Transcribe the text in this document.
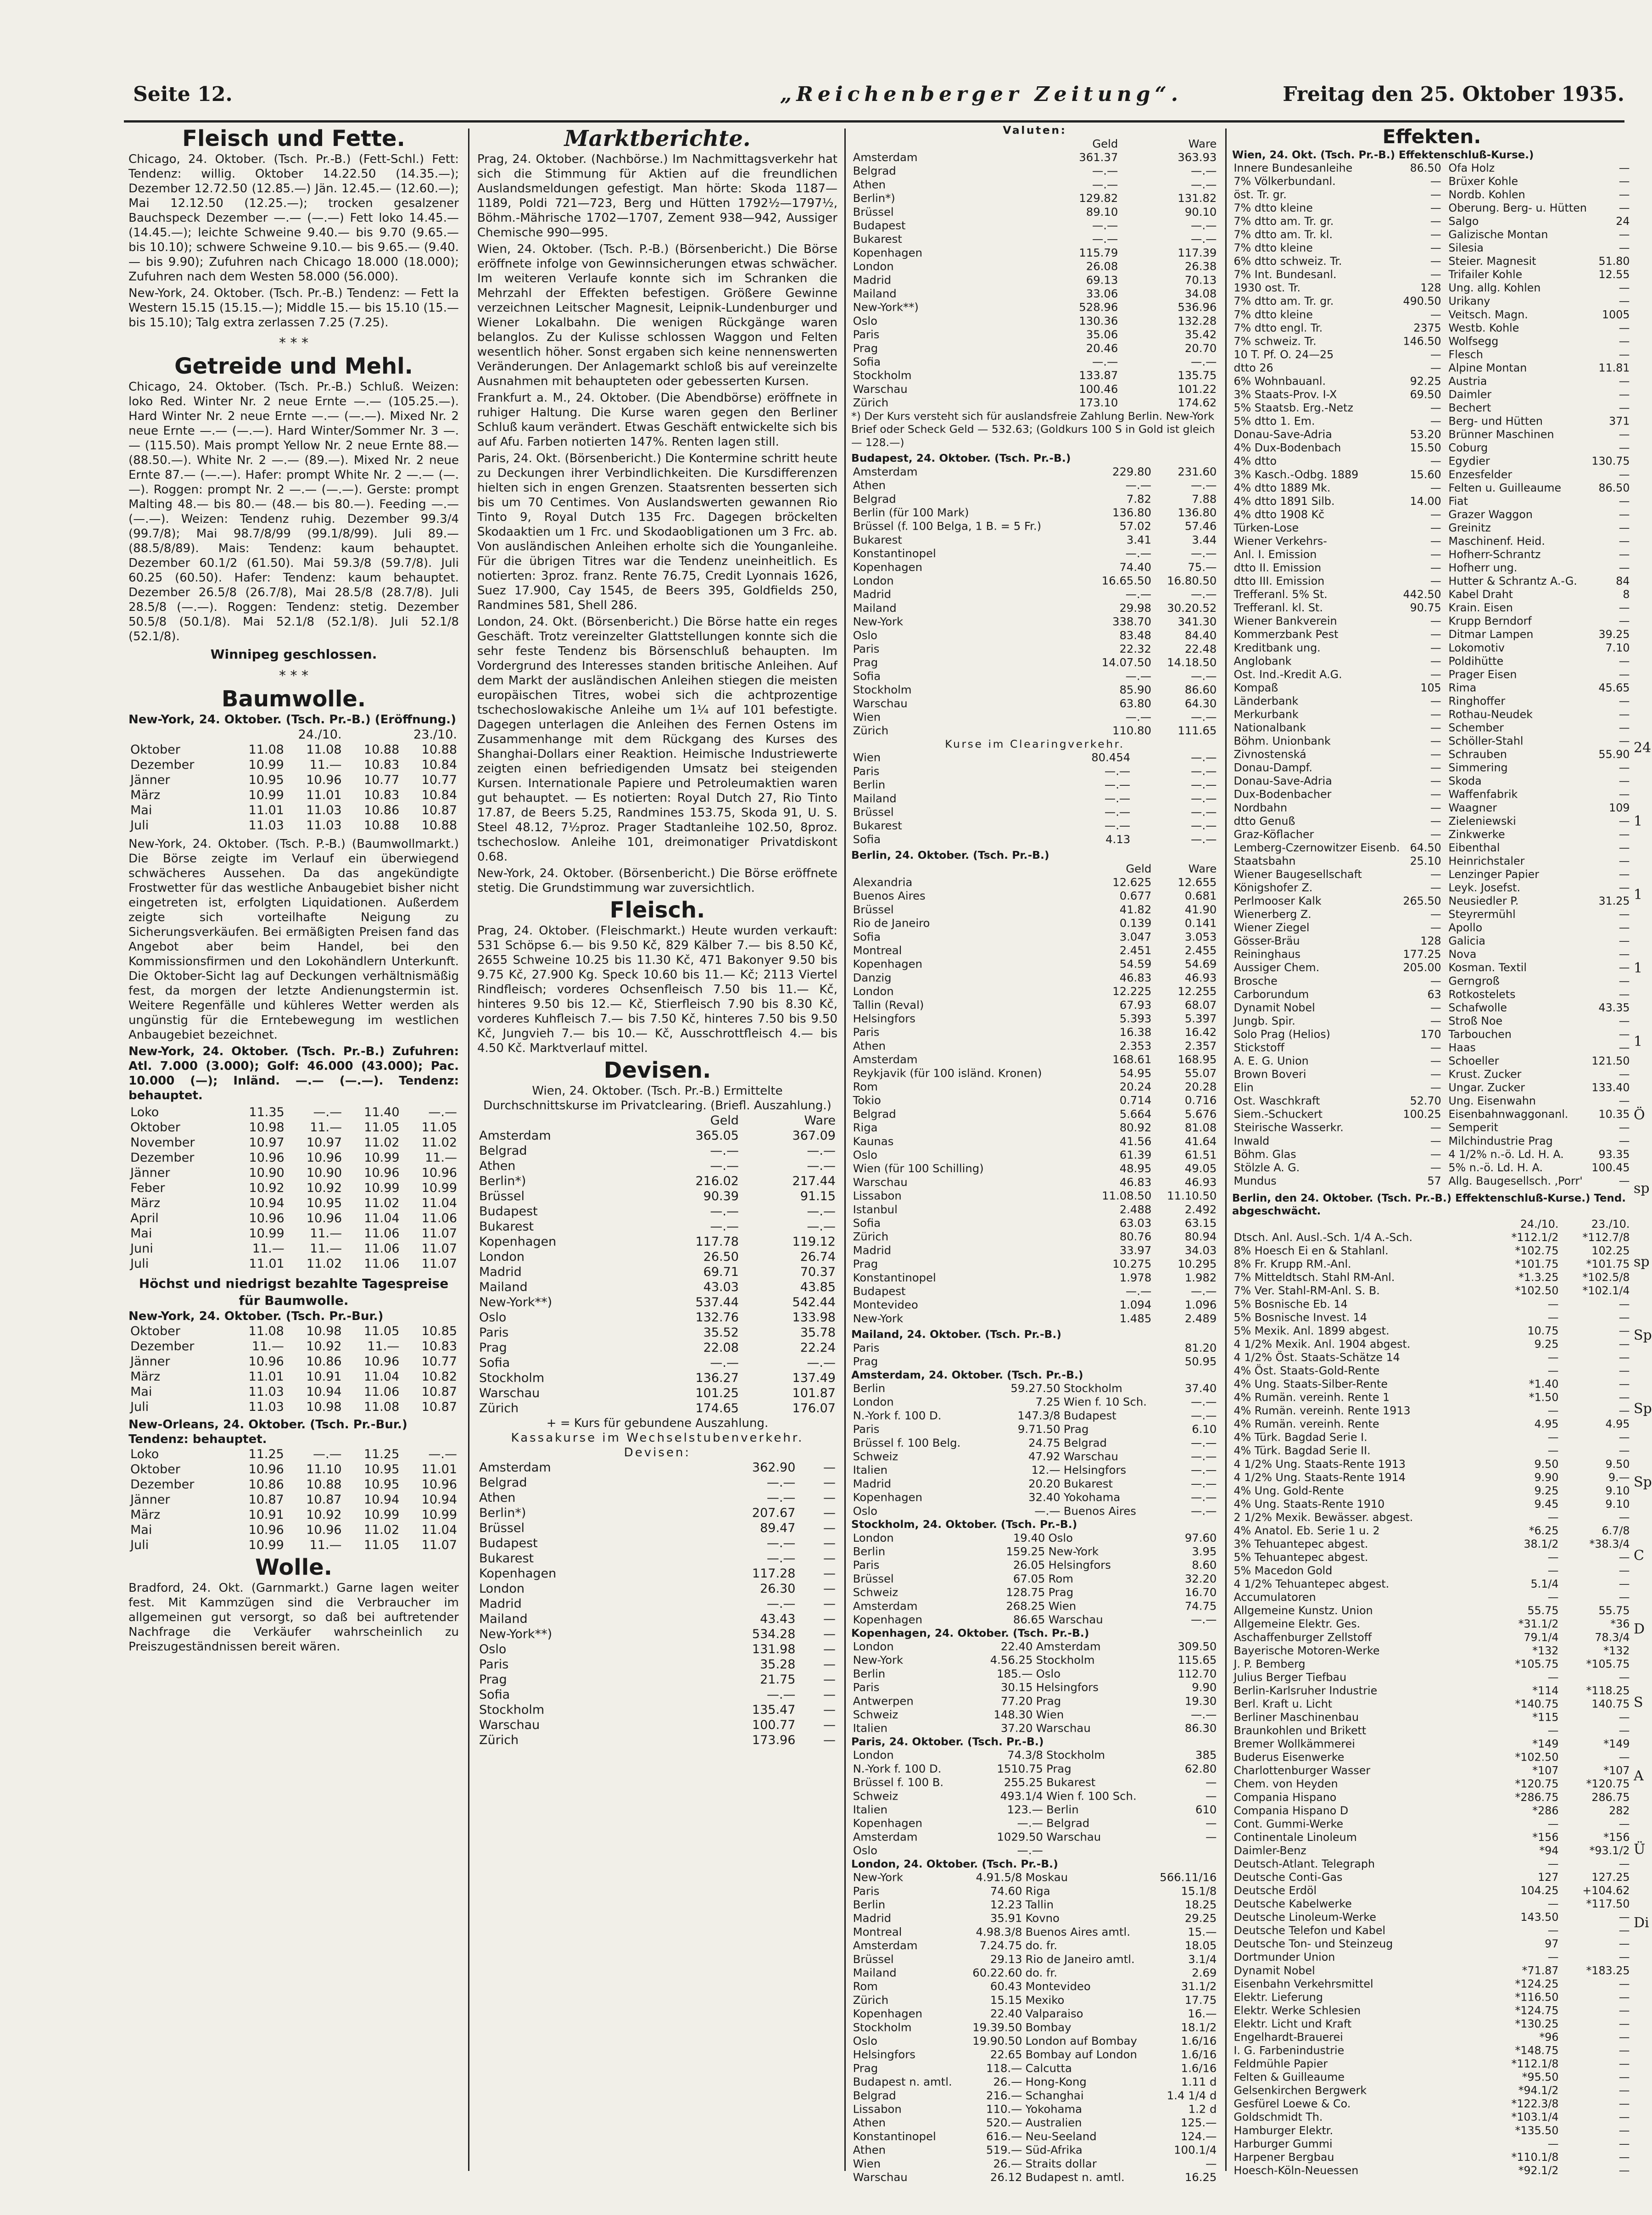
Seite 12.	„Reichenberger Zeitung“.	Freitag den 25. Oktober 1935.
Fleisch und Fette.

Chicago, 24. Oktober. (Tsch. Pr.-B.) (Fett-Schl.) Fett: Tendenz: willig. Oktober 14.22.50 (14.35.—); Dezember 12.72.50 (12.85.—) Jän. 12.45.— (12.60.—); Mai 12.12.50 (12.25.—); trocken gesalzener Bauchspeck Dezember —.— (—.—) Fett loko 14.45.— (14.45.—); leichte Schweine 9.40.— bis 9.70 (9.65.— bis 10.10); schwere Schweine 9.10.— bis 9.65.— (9.40.— bis 9.90); Zufuhren nach Chicago 18.000 (18.000); Zufuhren nach dem Westen 58.000 (56.000).

New-York, 24. Oktober. (Tsch. Pr.-B.) Tendenz: — Fett Ia Western 15.15 (15.15.—); Middle 15.— bis 15.10 (15.— bis 15.10); Talg extra zerlassen 7.25 (7.25).

* * *
Getreide und Mehl.

Chicago, 24. Oktober. (Tsch. Pr.-B.) Schluß. Weizen: loko Red. Winter Nr. 2 neue Ernte —.— (105.25.—). Hard Winter Nr. 2 neue Ernte —.— (—.—). Mixed Nr. 2 neue Ernte —.— (—.—). Hard Winter/Sommer Nr. 3 —.— (115.50). Mais prompt Yellow Nr. 2 neue Ernte 88.— (88.50.—). White Nr. 2 —.— (89.—). Mixed Nr. 2 neue Ernte 87.— (—.—). Hafer: prompt White Nr. 2 —.— (—.—). Roggen: prompt Nr. 2 —.— (—.—). Gerste: prompt Malting 48.— bis 80.— (48.— bis 80.—). Feeding —.— (—.—). Weizen: Tendenz ruhig. Dezember 99.3/4 (99.7/8); Mai 98.7/8/99 (99.1/8/99). Juli 89.— (88.5/8/89). Mais: Tendenz: kaum behauptet. Dezember 60.1/2 (61.50). Mai 59.3/8 (59.7/8). Juli 60.25 (60.50). Hafer: Tendenz: kaum behauptet. Dezember 26.5/8 (26.7/8), Mai 28.5/8 (28.7/8). Juli 28.5/8 (—.—). Roggen: Tendenz: stetig. Dezember 50.5/8 (50.1/8). Mai 52.1/8 (52.1/8). Juli 52.1/8 (52.1/8).

Winnipeg geschlossen.
* * *
Baumwolle.
New-York, 24. Oktober. (Tsch. Pr.-B.) (Eröffnung.)
	24./10.		23./10.	
Oktober	11.08	11.08	10.88	10.88
Dezember	10.99	11.—	10.83	10.84
Jänner	10.95	10.96	10.77	10.77
März	10.99	11.01	10.83	10.84
Mai	11.01	11.03	10.86	10.87
Juli	11.03	11.03	10.88	10.88

New-York, 24. Oktober. (Tsch. P.-B.) (Baumwollmarkt.) Die Börse zeigte im Verlauf ein überwiegend schwächeres Aussehen. Da das angekündigte Frostwetter für das westliche Anbaugebiet bisher nicht eingetreten ist, erfolgten Liquidationen. Außerdem zeigte sich vorteilhafte Neigung zu Sicherungsverkäufen. Bei ermäßigten Preisen fand das Angebot aber beim Handel, bei den Kommissionsfirmen und den Lokohändlern Unterkunft. Die Oktober-Sicht lag auf Deckungen verhältnismäßig fest, da morgen der letzte Andienungstermin ist. Weitere Regenfälle und kühleres Wetter werden als ungünstig für die Erntebewegung im westlichen Anbaugebiet bezeichnet.

New-York, 24. Oktober. (Tsch. Pr.-B.) Zufuhren: Atl. 7.000 (3.000); Golf: 46.000 (43.000); Pac. 10.000 (—); Inländ. —.— (—.—). Tendenz: behauptet.

Loko	11.35	—.—	11.40	—.—
Oktober	10.98	11.—	11.05	11.05
November	10.97	10.97	11.02	11.02
Dezember	10.96	10.96	10.99	11.—
Jänner	10.90	10.90	10.96	10.96
Feber	10.92	10.92	10.99	10.99
März	10.94	10.95	11.02	11.04
April	10.96	10.96	11.04	11.06
Mai	10.99	11.—	11.06	11.07
Juni	11.—	11.—	11.06	11.07
Juli	11.01	11.02	11.06	11.07
Höchst und niedrigst bezahlte Tagespreise für Baumwolle.
New-York, 24. Oktober. (Tsch. Pr.-Bur.)
Oktober	11.08	10.98	11.05	10.85
Dezember	11.—	10.92	11.—	10.83
Jänner	10.96	10.86	10.96	10.77
März	11.01	10.91	11.04	10.82
Mai	11.03	10.94	11.06	10.87
Juli	11.03	10.98	11.08	10.87
New-Orleans, 24. Oktober. (Tsch. Pr.-Bur.) Tendenz: behauptet.
Loko	11.25	—.—	11.25	—.—
Oktober	10.96	11.10	10.95	11.01
Dezember	10.86	10.88	10.95	10.96
Jänner	10.87	10.87	10.94	10.94
März	10.91	10.92	10.99	10.99
Mai	10.96	10.96	11.02	11.04
Juli	10.99	11.—	11.05	11.07
Wolle.

Bradford, 24. Okt. (Garnmarkt.) Garne lagen weiter fest. Mit Kammzügen sind die Verbraucher im allgemeinen gut versorgt, so daß bei auftretender Nachfrage die Verkäufer wahrscheinlich zu Preiszugeständnissen bereit wären.

Marktberichte.

Prag, 24. Oktober. (Nachbörse.) Im Nachmittagsverkehr hat sich die Stimmung für Aktien auf die freundlichen Auslandsmeldungen gefestigt. Man hörte: Skoda 1187—1189, Poldi 721—723, Berg und Hütten 1792½—1797½, Böhm.-Mährische 1702—1707, Zement 938—942, Aussiger Chemische 990—995.

Wien, 24. Oktober. (Tsch. P.-B.) (Börsenbericht.) Die Börse eröffnete infolge von Gewinnsicherungen etwas schwächer. Im weiteren Verlaufe konnte sich im Schranken die Mehrzahl der Effekten befestigen. Größere Gewinne verzeichnen Leitscher Magnesit, Leipnik-Lundenburger und Wiener Lokalbahn. Die wenigen Rückgänge waren belanglos. Zu der Kulisse schlossen Waggon und Felten wesentlich höher. Sonst ergaben sich keine nennenswerten Veränderungen. Der Anlagemarkt schloß bis auf vereinzelte Ausnahmen mit behaupteten oder gebesserten Kursen.

Frankfurt a. M., 24. Oktober. (Die Abendbörse) eröffnete in ruhiger Haltung. Die Kurse waren gegen den Berliner Schluß kaum verändert. Etwas Geschäft entwickelte sich bis auf Afu. Farben notierten 147%. Renten lagen still.

Paris, 24. Okt. (Börsenbericht.) Die Konterminе schritt heute zu Deckungen ihrer Verbindlichkeiten. Die Kursdifferenzen hielten sich in engen Grenzen. Staatsrenten besserten sich bis um 70 Centimes. Von Auslandswerten gewannen Rio Tinto 9, Royal Dutch 135 Frc. Dagegen bröckelten Skodaaktien um 1 Frc. und Skodaobligationen um 3 Frc. ab. Von ausländischen Anleihen erholte sich die Younganleihe. Für die übrigen Titres war die Tendenz uneinheitlich. Es notierten: 3proz. franz. Rente 76.75, Credit Lyonnais 1626, Suez 17.900, Cay 1545, de Beers 395, Goldfields 250, Randmines 581, Shell 286.

London, 24. Okt. (Börsenbericht.) Die Börse hatte ein reges Geschäft. Trotz vereinzelter Glattstellungen konnte sich die sehr feste Tendenz bis Börsenschluß behaupten. Im Vordergrund des Interesses standen britische Anleihen. Auf dem Markt der ausländischen Anleihen stiegen die meisten europäischen Titres, wobei sich die achtprozentige tschechoslowakische Anleihe um 1¼ auf 101 befestigte. Dagegen unterlagen die Anleihen des Fernen Ostens im Zusammenhange mit dem Rückgang des Kurses des Shanghai-Dollars einer Reaktion. Heimische Industriewerte zeigten einen befriedigenden Umsatz bei steigenden Kursen. Internationale Papiere und Petroleumaktien waren gut behauptet. — Es notierten: Royal Dutch 27, Rio Tinto 17.87, de Beers 5.25, Randmines 153.75, Skoda 91, U. S. Steel 48.12, 7½proz. Prager Stadtanleihe 102.50, 8proz. tschechoslow. Anleihe 101, dreimonatiger Privatdiskont 0.68.

New-York, 24. Oktober. (Börsenbericht.) Die Börse eröffnete stetig. Die Grundstimmung war zuversichtlich.

Fleisch.

Prag, 24. Oktober. (Fleischmarkt.) Heute wurden verkauft: 531 Schöpse 6.— bis 9.50 Kč, 829 Kälber 7.— bis 8.50 Kč, 2655 Schweine 10.25 bis 11.30 Kč, 471 Bakonyer 9.50 bis 9.75 Kč, 27.900 Kg. Speck 10.60 bis 11.— Kč; 2113 Viertel Rindfleisch; vorderes Ochsenfleisch 7.50 bis 11.— Kč, hinteres 9.50 bis 12.— Kč, Stierfleisch 7.90 bis 8.30 Kč, vorderes Kuhfleisch 7.— bis 7.50 Kč, hinteres 7.50 bis 9.50 Kč, Jungvieh 7.— bis 10.— Kč, Ausschrottfleisch 4.— bis 4.50 Kč. Marktverlauf mittel.

Devisen.
Wien, 24. Oktober. (Tsch. Pr.-B.) Ermittelte Durchschnittskurse im Privatclearing. (Briefl. Auszahlung.)
	Geld	Ware
Amsterdam	365.05	367.09
Belgrad	—.—	—.—
Athen	—.—	—.—
Berlin*)	216.02	217.44
Brüssel	90.39	91.15
Budapest	—.—	—.—
Bukarest	—.—	—.—
Kopenhagen	117.78	119.12
London	26.50	26.74
Madrid	69.71	70.37
Mailand	43.03	43.85
New-York**)	537.44	542.44
Oslo	132.76	133.98
Paris	35.52	35.78
Prag	22.08	22.24
Sofia	—.—	—.—
Stockholm	136.27	137.49
Warschau	101.25	101.87
Zürich	174.65	176.07
+ = Kurs für gebundene Auszahlung.
Kassakurse im Wechselstubenverkehr.
Devisen:
Amsterdam	362.90	—
Belgrad	—.—	—
Athen	—.—	—
Berlin*)	207.67	—
Brüssel	89.47	—
Budapest	—.—	—
Bukarest	—.—	—
Kopenhagen	117.28	—
London	26.30	—
Madrid	—.—	—
Mailand	43.43	—
New-York**)	534.28	—
Oslo	131.98	—
Paris	35.28	—
Prag	21.75	—
Sofia	—.—	—
Stockholm	135.47	—
Warschau	100.77	—
Zürich	173.96	—
Valuten:
	Geld	Ware
Amsterdam	361.37	363.93
Belgrad	—.—	—.—
Athen	—.—	—.—
Berlin*)	129.82	131.82
Brüssel	89.10	90.10
Budapest	—.—	—.—
Bukarest	—.—	—.—
Kopenhagen	115.79	117.39
London	26.08	26.38
Madrid	69.13	70.13
Mailand	33.06	34.08
New-York**)	528.96	536.96
Oslo	130.36	132.28
Paris	35.06	35.42
Prag	20.46	20.70
Sofia	—.—	—.—
Stockholm	133.87	135.75
Warschau	100.46	101.22
Zürich	173.10	174.62
*) Der Kurs versteht sich für auslandsfreie Zahlung Berlin. New-York Brief oder Scheck Geld — 532.63; (Goldkurs 100 S in Gold ist gleich — 128.—)
Budapest, 24. Oktober. (Tsch. Pr.-B.)
Amsterdam	229.80	231.60
Athen	—.—	—.—
Belgrad	7.82	7.88
Berlin (für 100 Mark)	136.80	136.80
Brüssel (f. 100 Belga, 1 B. = 5 Fr.)	57.02	57.46
Bukarest	3.41	3.44
Konstantinopel	—.—	—.—
Kopenhagen	74.40	75.—
London	16.65.50	16.80.50
Madrid	—.—	—.—
Mailand	29.98	30.20.52
New-York	338.70	341.30
Oslo	83.48	84.40
Paris	22.32	22.48
Prag	14.07.50	14.18.50
Sofia	—.—	—.—
Stockholm	85.90	86.60
Warschau	63.80	64.30
Wien	—.—	—.—
Zürich	110.80	111.65
Kurse im Clearingverkehr.
Wien	80.454	—.—
Paris	—.—	—.—
Berlin	—.—	—.—
Mailand	—.—	—.—
Brüssel	—.—	—.—
Bukarest	—.—	—.—
Sofia	4.13	—.—
Berlin, 24. Oktober. (Tsch. Pr.-B.)
	Geld	Ware
Alexandria	12.625	12.655
Buenos Aires	0.677	0.681
Brüssel	41.82	41.90
Rio de Janeiro	0.139	0.141
Sofia	3.047	3.053
Montreal	2.451	2.455
Kopenhagen	54.59	54.69
Danzig	46.83	46.93
London	12.225	12.255
Tallin (Reval)	67.93	68.07
Helsingfors	5.393	5.397
Paris	16.38	16.42
Athen	2.353	2.357
Amsterdam	168.61	168.95
Reykjavik (für 100 isländ. Kronen)	54.95	55.07
Rom	20.24	20.28
Tokio	0.714	0.716
Belgrad	5.664	5.676
Riga	80.92	81.08
Kaunas	41.56	41.64
Oslo	61.39	61.51
Wien (für 100 Schilling)	48.95	49.05
Warschau	46.83	46.93
Lissabon	11.08.50	11.10.50
Istanbul	2.488	2.492
Sofia	63.03	63.15
Zürich	80.76	80.94
Madrid	33.97	34.03
Prag	10.275	10.295
Konstantinopel	1.978	1.982
Budapest	—.—	—.—
Montevideo	1.094	1.096
New-York	1.485	2.489
Mailand, 24. Oktober. (Tsch. Pr.-B.)
Paris	81.20
Prag	50.95
Amsterdam, 24. Oktober. (Tsch. Pr.-B.)
Berlin	59.27.50	Stockholm	37.40
London	7.25	Wien f. 10 Sch.	—.—
N.-York f. 100 D.	147.3/8	Budapest	—.—
Paris	9.71.50	Prag	6.10
Brüssel f. 100 Belg.	24.75	Belgrad	—.—
Schweiz	47.92	Warschau	—.—
Italien	12.—	Helsingfors	—.—
Madrid	20.20	Bukarest	—.—
Kopenhagen	32.40	Yokohama	—.—
Oslo	—.—	Buenos Aires	—.—
Stockholm, 24. Oktober. (Tsch. Pr.-B.)
London	19.40	Oslo	97.60
Berlin	159.25	New-York	3.95
Paris	26.05	Helsingfors	8.60
Brüssel	67.05	Rom	32.20
Schweiz	128.75	Prag	16.70
Amsterdam	268.25	Wien	74.75
Kopenhagen	86.65	Warschau	—.—
Kopenhagen, 24. Oktober. (Tsch. Pr.-B.)
London	22.40	Amsterdam	309.50
New-York	4.56.25	Stockholm	115.65
Berlin	185.—	Oslo	112.70
Paris	30.15	Helsingfors	9.90
Antwerpen	77.20	Prag	19.30
Schweiz	148.30	Wien	—.—
Italien	37.20	Warschau	86.30
Paris, 24. Oktober. (Tsch. Pr.-B.)
London	74.3/8	Stockholm	385
N.-York f. 100 D.	1510.75	Prag	62.80
Brüssel f. 100 B.	255.25	Bukarest	—
Schweiz	493.1/4	Wien f. 100 Sch.	—
Italien	123.—	Berlin	610
Kopenhagen	—.—	Belgrad	—
Amsterdam	1029.50	Warschau	—
Oslo	—.—		
London, 24. Oktober. (Tsch. Pr.-B.)
New-York	4.91.5/8	Moskau	566.11/16
Paris	74.60	Riga	15.1/8
Berlin	12.23	Tallin	18.25
Madrid	35.91	Kovno	29.25
Montreal	4.98.3/8	Buenos Aires amtl.	15.—
Amsterdam	7.24.75	do. fr.	18.05
Brüssel	29.13	Rio de Janeiro amtl.	3.1/4
Mailand	60.22.60	do. fr.	2.69
Rom	60.43	Montevideo	31.1/2
Zürich	15.15	Mexiko	17.75
Kopenhagen	22.40	Valparaiso	16.—
Stockholm	19.39.50	Bombay	18.1/2
Oslo	19.90.50	London auf Bombay	1.6/16
Helsingfors	22.65	Bombay auf London	1.6/16
Prag	118.—	Calcutta	1.6/16
Budapest n. amtl.	26.—	Hong-Kong	1.11 d
Belgrad	216.—	Schanghai	1.4 1/4 d
Lissabon	110.—	Yokohama	1.2 d
Athen	520.—	Australien	125.—
Konstantinopel	616.—	Neu-Seeland	124.—
Athen	519.—	Süd-Afrika	100.1/4
Wien	26.—	Straits dollar	—
Warschau	26.12	Budapest n. amtl.	16.25
Effekten.
Wien, 24. Okt. (Tsch. Pr.-B.) Effektenschluß-Kurse.)
Innere Bundesanleihe	86.50
7% Völkerbundanl.	—
öst. Tr. gr.	—
7% dtto kleine	—
7% dtto am. Tr. gr.	—
7% dtto am. Tr. kl.	—
7% dtto kleine	—
6% dtto schweiz. Tr.	—
7% Int. Bundesanl.	—
1930 ost. Tr.	128
7% dtto am. Tr. gr.	490.50
7% dtto kleine	—
7% dtto engl. Tr.	2375
7% schweiz. Tr.	146.50
10 T. Pf. O. 24—25	—
dtto 26	—
6% Wohnbauanl.	92.25
3% Staats-Prov. I-X	69.50
5% Staatsb. Erg.-Netz	—
5% dtto 1. Em.	—
Donau-Save-Adria	53.20
4% Dux-Bodenbach	15.50
4% dtto	—
3% Kasch.-Odbg. 1889	15.60
4% dtto 1889 Mk.	—
4% dtto 1891 Silb.	14.00
4% dtto 1908 Kč	—
Türken-Lose	—
Wiener Verkehrs-	—
Anl. I. Emission	—
dtto II. Emission	—
dtto III. Emission	—
Trefferanl. 5% St.	442.50
Trefferanl. kl. St.	90.75
Wiener Bankverein	—
Kommerzbank Pest	—
Kreditbank ung.	—
Anglobank	—
Ost. Ind.-Kredit A.G.	—
Kompaß	105
Länderbank	—
Merkurbank	—
Nationalbank	—
Böhm. Unionbank	—
Zivnostenská	—
Donau-Dampf.	—
Donau-Save-Adria	—
Dux-Bodenbacher	—
Nordbahn	—
dtto Genuß	—
Graz-Köflacher	—
Lemberg-Czernowitzer Eisenb.	64.50
Staatsbahn	25.10
Wiener Baugesellschaft	—
Königshofer Z.	—
Perlmooser Kalk	265.50
Wienerberg Z.	—
Wiener Ziegel	—
Gösser-Bräu	128
Reininghaus	177.25
Aussiger Chem.	205.00
Brosche	—
Carborundum	63
Dynamit Nobel	—
Jungb. Spir.	—
Solo Prag (Helios)	170
Stickstoff	—
A. E. G. Union	—
Brown Boveri	—
Elin	—
Ost. Waschkraft	52.70
Siem.-Schuckert	100.25
Steirische Wasserkr.	—
Inwald	—
Böhm. Glas	—
Stölzle A. G.	—
Mundus	57
Ofa Holz	—
Brüxer Kohle	—
Nordb. Kohlen	—
Oberung. Berg- u. Hütten	—
Salgo	24
Galizische Montan	—
Silesia	—
Steier. Magnesit	51.80
Trifailer Kohle	12.55
Ung. allg. Kohlen	—
Urikany	—
Veitsch. Magn.	1005
Westb. Kohle	—
Wolfsegg	—
Flesch	—
Alpine Montan	11.81
Austria	—
Daimler	—
Bechert	—
Berg- und Hütten	371
Brünner Maschinen	—
Coburg	—
Egydier	130.75
Enzesfelder	—
Felten u. Guilleaume	86.50
Fiat	—
Grazer Waggon	—
Greinitz	—
Maschinenf. Heid.	—
Hofherr-Schrantz	—
Hofherr ung.	—
Hutter & Schrantz A.-G.	84
Kabel Draht	8
Krain. Eisen	—
Krupp Berndorf	—
Ditmar Lampen	39.25
Lokomotiv	7.10
Poldihütte	—
Prager Eisen	—
Rima	45.65
Ringhoffer	—
Rothau-Neudek	—
Schember	—
Schöller-Stahl	—
Schrauben	55.90
Simmering	—
Skoda	—
Waffenfabrik	—
Waagner	109
Zieleniewski	—
Zinkwerke	—
Eibenthal	—
Heinrichstaler	—
Lenzinger Papier	—
Leyk. Josefst.	—
Neusiedler P.	31.25
Steyrermühl	—
Apollo	—
Galicia	—
Nova	—
Kosman. Textil	—
Gerngroß	—
Rotkostelets	—
Schafwolle	43.35
Stroß Noe	—
Tarbouchen	—
Haas	—
Schoeller	121.50
Krust. Zucker	—
Ungar. Zucker	133.40
Ung. Eisenwahn	—
Eisenbahnwaggonanl.	10.35
Semperit	—
Milchindustrie Prag	—
4 1/2% n.-ö. Ld. H. A.	93.35
5% n.-ö. Ld. H. A.	100.45
Allg. Baugesellsch. ,Porr'	—
Berlin, den 24. Oktober. (Tsch. Pr.-B.) Effektenschluß-Kurse.) Tend. abgeschwächt.
	24./10.	23./10.
Dtsch. Anl. Ausl.-Sch. 1/4 A.-Sch.	*112.1/2	*112.7/8
8% Hoesch Ei en & Stahlanl.	*102.75	102.25
8% Fr. Krupp RM.-Anl.	*101.75	*101.75
7% Mitteldtsch. Stahl RM-Anl.	*1.3.25	*102.5/8
7% Ver. Stahl-RM-Anl. S. B.	*102.50	*102.1/4
5% Bosnische Eb. 14	—	—
5% Bosnische Invest. 14	—	—
5% Mexik. Anl. 1899 abgest.	10.75	—
4 1/2% Mexik. Anl. 1904 abgest.	9.25	—
4 1/2% Öst. Staats-Schätze 14	—	—
4% Öst. Staats-Gold-Rente	—	—
4% Ung. Staats-Silber-Rente	*1.40	—
4% Rumän. vereinh. Rente 1	*1.50	—
4% Rumän. vereinh. Rente 1913	—	—
4% Rumän. vereinh. Rente	4.95	4.95
4% Türk. Bagdad Serie I.	—	—
4% Türk. Bagdad Serie II.	—	—
4 1/2% Ung. Staats-Rente 1913	9.50	9.50
4 1/2% Ung. Staats-Rente 1914	9.90	9.—
4% Ung. Gold-Rente	9.25	9.10
4% Ung. Staats-Rente 1910	9.45	9.10
2 1/2% Mexik. Bewässer. abgest.	—	—
4% Anatol. Eb. Serie 1 u. 2	*6.25	6.7/8
3% Tehuantepec abgest.	38.1/2	*38.3/4
5% Tehuantepec abgest.	—	—
5% Macedon Gold	—	—
4 1/2% Tehuantepec abgest.	5.1/4	—
Accumulatoren	—	—
Allgemeine Kunstz. Union	55.75	55.75
Allgemeine Elektr. Ges.	*31.1/2	*36
Aschaffenburger Zellstoff	79.1/4	78.3/4
Bayerische Motoren-Werke	*132	*132
J. P. Bemberg	*105.75	*105.75
Julius Berger Tiefbau	—	—
Berlin-Karlsruher Industrie	*114	*118.25
Berl. Kraft u. Licht	*140.75	140.75
Berliner Maschinenbau	*115	—
Braunkohlen und Brikett	—	—
Bremer Wollkämmerei	*149	*149
Buderus Eisenwerke	*102.50	—
Charlottenburger Wasser	*107	*107
Chem. von Heyden	*120.75	*120.75
Compania Hispano	*286.75	286.75
Compania Hispano D	*286	282
Cont. Gummi-Werke	—	—
Continentale Linoleum	*156	*156
Daimler-Benz	*94	*93.1/2
Deutsch-Atlant. Telegraph	—	—
Deutsche Conti-Gas	127	127.25
Deutsche Erdöl	104.25	+104.62
Deutsche Kabelwerke	—	*117.50
Deutsche Linoleum-Werke	143.50	—
Deutsche Telefon und Kabel	—	—
Deutsche Ton- und Steinzeug	97	—
Dortmunder Union	—	—
Dynamit Nobel	*71.87	*183.25
Eisenbahn Verkehrsmittel	*124.25	—
Elektr. Lieferung	*116.50	—
Elektr. Werke Schlesien	*124.75	—
Elektr. Licht und Kraft	*130.25	—
Engelhardt-Brauerei	*96	—
I. G. Farbenindustrie	*148.75	—
Feldmühle Papier	*112.1/8	—
Felten & Guilleaume	*95.50	—
Gelsenkirchen Bergwerk	*94.1/2	—
Gesfürel Loewe & Co.	*122.3/8	—
Goldschmidt Th.	*103.1/4	—
Hamburger Elektr.	*135.50	—
Harburger Gummi	—	—
Harpener Bergbau	*110.1/8	—
Hoesch-Köln-Neuessen	*92.1/2	—
24
1
1
1
1
Ö
sp
sp
Sp
Sp
Sp
C
D
S
A
Ü
Di
